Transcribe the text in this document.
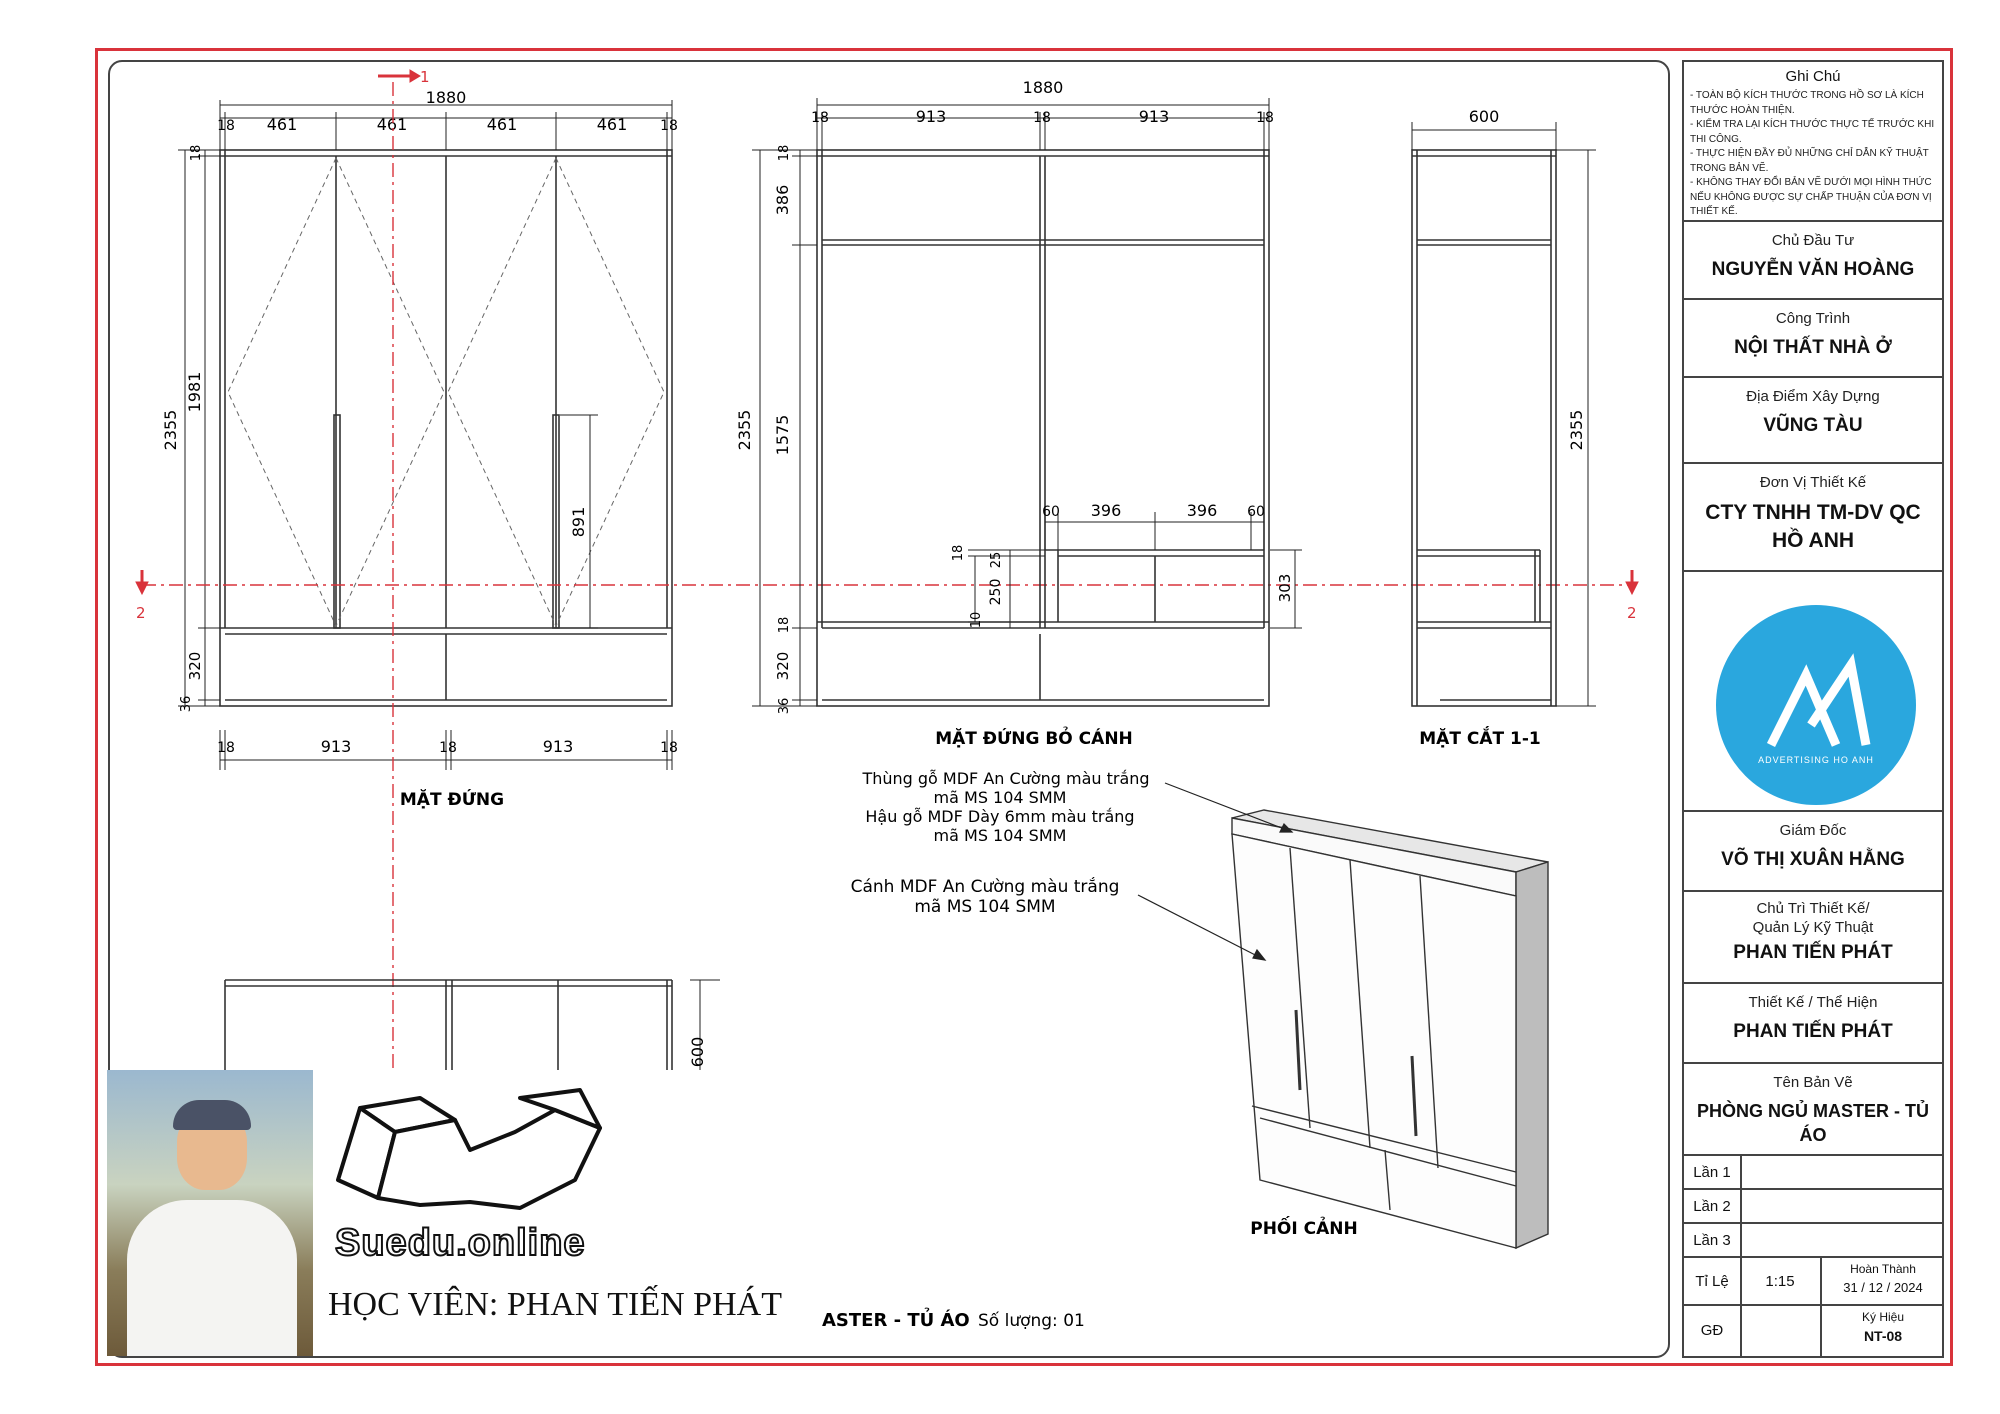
1880
18 461	461	461	461 18
2355
1981
18
320
36
891
18	913	18	913	18
MẶT ĐỨNG
1
2	2
1880
18	913	18	913	18
2355
18
386
1575
18
320
36
60 396	396 60
303
18 25
250
10
MẶT ĐỨNG BỎ CÁNH
600
2355
MẶT CẮT 1-1
600
Thùng gỗ MDF An Cường màu trắng
mã MS 104 SMM
Hậu gỗ MDF Dày 6mm màu trắng
mã MS 104 SMM
Cánh MDF An Cường màu trắng
mã MS 104 SMM
PHỐI CẢNH
ASTER - TỦ ÁO Số lượng: 01
Suedu.online
HỌC VIÊN: PHAN TIẾN PHÁT
Ghi Chú
- TOÀN BỘ KÍCH THƯỚC TRONG HỒ SƠ LÀ KÍCH THƯỚC HOÀN THIỆN.
- KIỂM TRA LẠI KÍCH THƯỚC THỰC TẾ TRƯỚC KHI THI CÔNG.
- THỰC HIỆN ĐẦY ĐỦ NHỮNG CHỈ DẪN KỸ THUẬT TRONG BẢN VẼ.
- KHÔNG THAY ĐỔI BẢN VẼ DƯỚI MỌI HÌNH THỨC NẾU KHÔNG ĐƯỢC SỰ CHẤP THUẬN CỦA ĐƠN VỊ THIẾT KẾ.
Chủ Đầu Tư
NGUYỄN VĂN HOÀNG
Công Trình
NỘI THẤT NHÀ Ở
Địa Điểm Xây Dựng
VŨNG TÀU
Đơn Vị Thiết Kế
CTY TNHH TM-DV QC HỒ ANH
ADVERTISING HO ANH
Giám Đốc
VÕ THỊ XUÂN HẰNG
Chủ Trì Thiết Kế/
Quản Lý Kỹ Thuật
PHAN TIẾN PHÁT
Thiết Kế / Thể Hiện
PHAN TIẾN PHÁT
Tên Bản Vẽ
PHÒNG NGỦ MASTER - TỦ ÁO
Lần 1
Lần 2
Lần 3
Tỉ Lệ	1:15
Hoàn Thành
31 / 12 / 2024
GĐ
Ký Hiệu
NT-08
